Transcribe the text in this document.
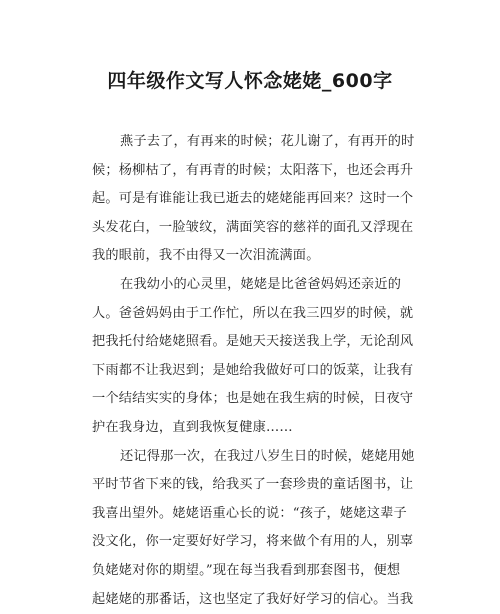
四年级作文写人怀念姥姥_600字
燕子去了，有再来的时候；花儿谢了，有再开的时
候；杨柳枯了，有再青的时候；太阳落下，也还会再升
起。可是有谁能让我已逝去的姥姥能再回来？这时一个
头发花白，一脸皱纹，满面笑容的慈祥的面孔又浮现在
我的眼前，我不由得又一次泪流满面。
在我幼小的心灵里，姥姥是比爸爸妈妈还亲近的
人。爸爸妈妈由于工作忙，所以在我三四岁的时候，就
把我托付给姥姥照看。是她天天接送我上学，无论刮风
下雨都不让我迟到；是她给我做好可口的饭菜，让我有
一个结结实实的身体；也是她在我生病的时候，日夜守
护在我身边，直到我恢复健康……
还记得那一次，在我过八岁生日的时候，姥姥用她
平时节省下来的钱，给我买了一套珍贵的童话图书，让
我喜出望外。姥姥语重心长的说：“孩子，姥姥这辈子
没文化，你一定要好好学习，将来做个有用的人，别辜
负姥姥对你的期望。”现在每当我看到那套图书，便想
起姥姥的那番话，这也坚定了我好好学习的信心。当我
